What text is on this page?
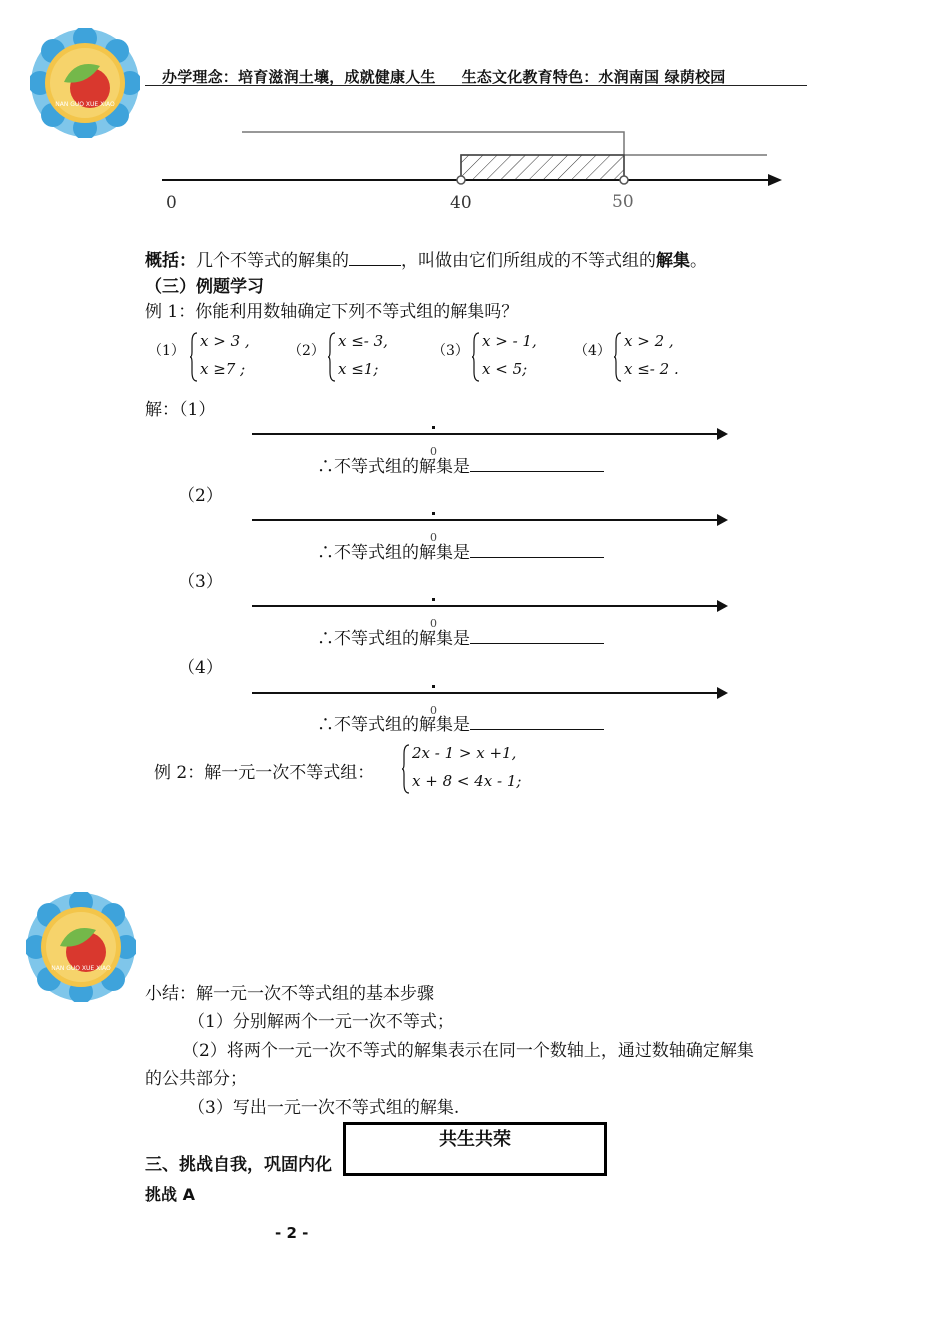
NAN GUO XUE XIAO
办学理念：培育滋润土壤，成就健康人生 生态文化教育特色：水润南国 绿荫校园
0	40	50
概括：几个不等式的解集的	，叫做由它们所组成的不等式组的解集。
（三）例题学习
例 1：你能利用数轴确定下列不等式组的解集吗？
（1）
x > 3 ,
x ≥7 ;
（2）
x ≤- 3,
x ≤1;
（3）
x > - 1,
x < 5;
（4）
x > 2 ,
x ≤- 2 .
解：（1）
0
∴不等式组的解集是
（2）
0
∴不等式组的解集是
（3）
0
∴不等式组的解集是
（4）
0
∴不等式组的解集是
例 2：解一元一次不等式组：
2x - 1 > x +1,
x + 8 < 4x - 1;
NAN GUO XUE XIAO
小结：解一元一次不等式组的基本步骤
（1）分别解两个一元一次不等式；
（2）将两个一元一次不等式的解集表示在同一个数轴上，通过数轴确定解集
的公共部分；
（3）写出一元一次不等式组的解集.
共生共荣
三、挑战自我，巩固内化
挑战 A
- 2 -
